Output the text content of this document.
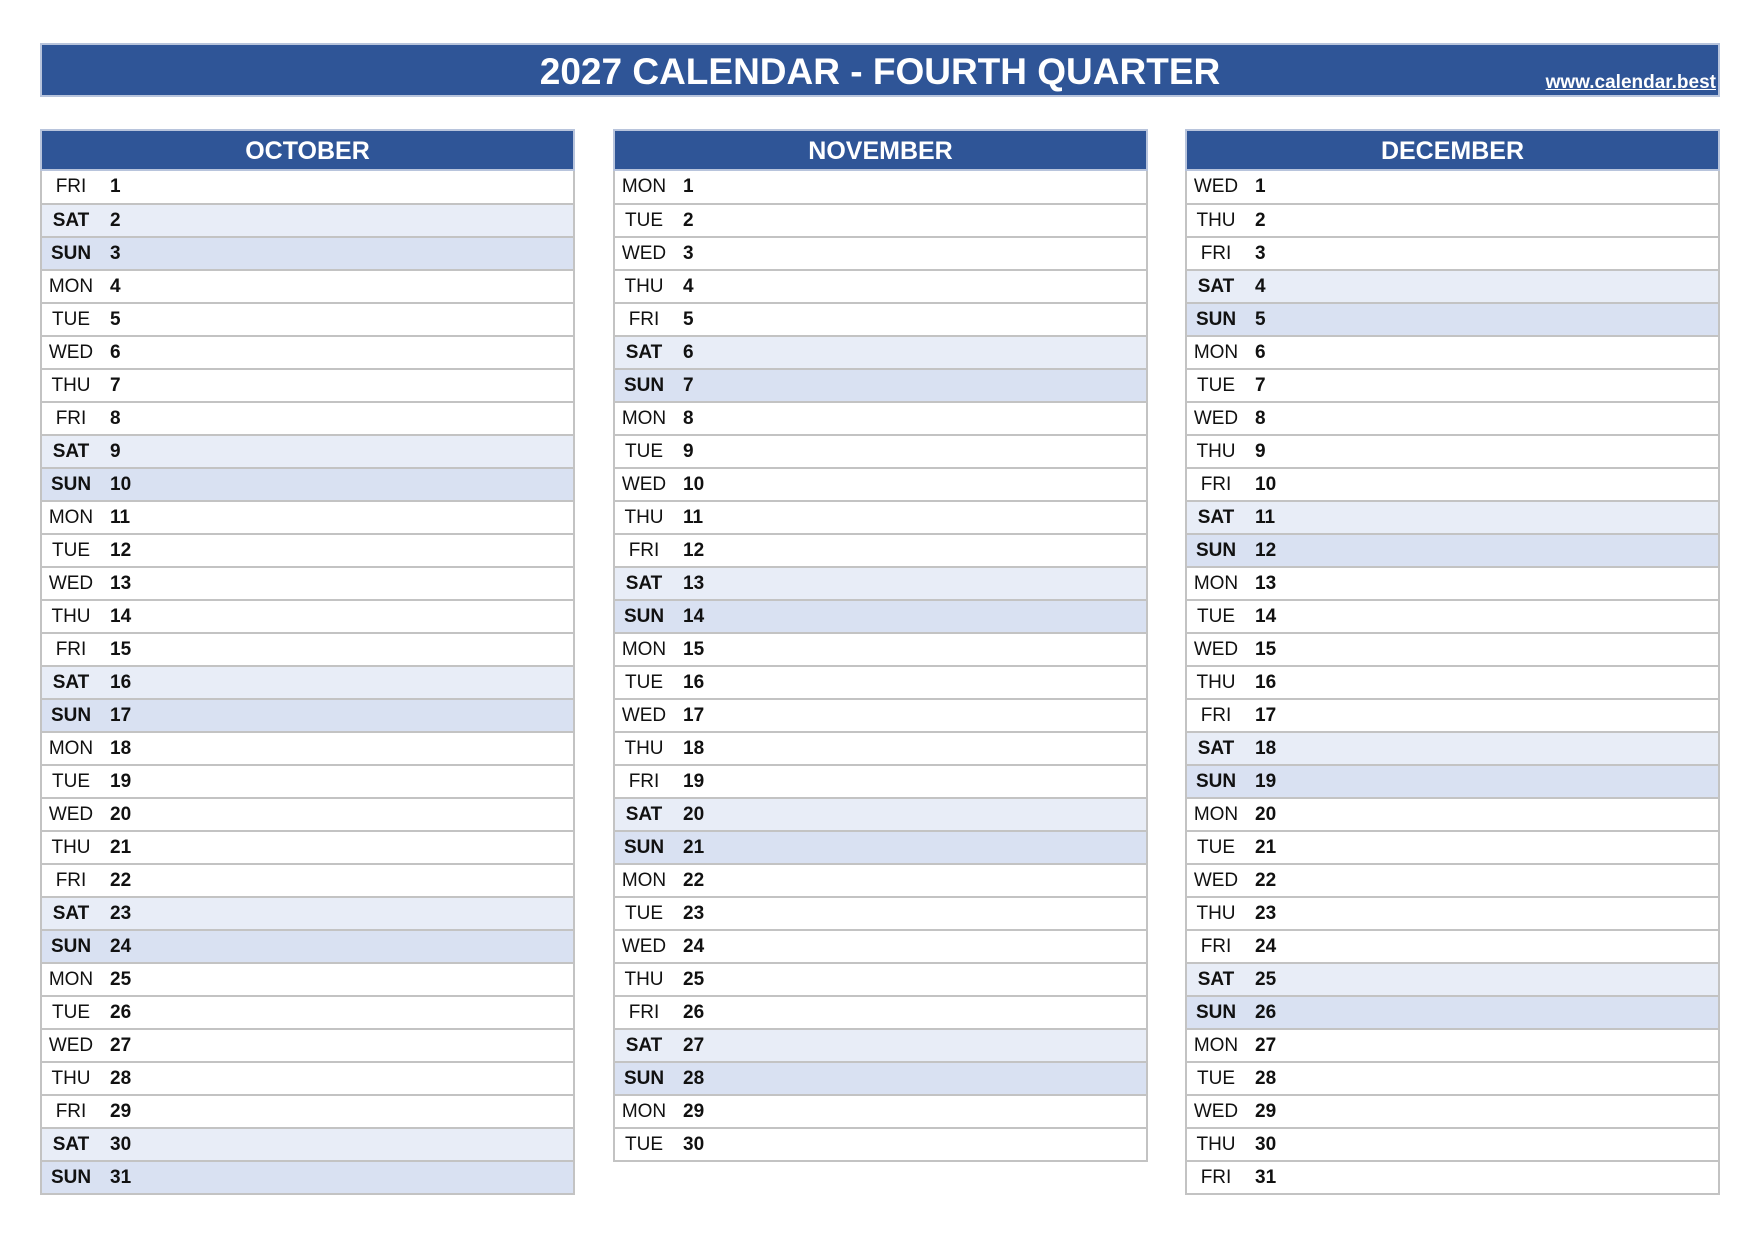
2027 CALENDAR - FOURTH QUARTER	www.calendar.best
OCTOBER
FRI	1
SAT	2
SUN 3
MON 4
TUE	5
WED 6
THU	7
FRI	8
SAT	9
SUN 10
MON 11
TUE	12
WED 13
THU	14
FRI	15
SAT	16
SUN 17
MON 18
TUE	19
WED 20
THU	21
FRI	22
SAT	23
SUN 24
MON 25
TUE	26
WED 27
THU	28
FRI	29
SAT	30
SUN 31
NOVEMBER
MON 1
TUE	2
WED 3
THU	4
FRI	5
SAT	6
SUN 7
MON 8
TUE	9
WED 10
THU	11
FRI	12
SAT	13
SUN 14
MON 15
TUE	16
WED 17
THU	18
FRI	19
SAT	20
SUN 21
MON 22
TUE	23
WED 24
THU	25
FRI	26
SAT	27
SUN 28
MON 29
TUE	30
DECEMBER
WED 1
THU	2
FRI	3
SAT	4
SUN 5
MON 6
TUE	7
WED 8
THU	9
FRI	10
SAT	11
SUN 12
MON 13
TUE	14
WED 15
THU	16
FRI	17
SAT	18
SUN 19
MON 20
TUE	21
WED 22
THU	23
FRI	24
SAT	25
SUN 26
MON 27
TUE	28
WED 29
THU	30
FRI	31
